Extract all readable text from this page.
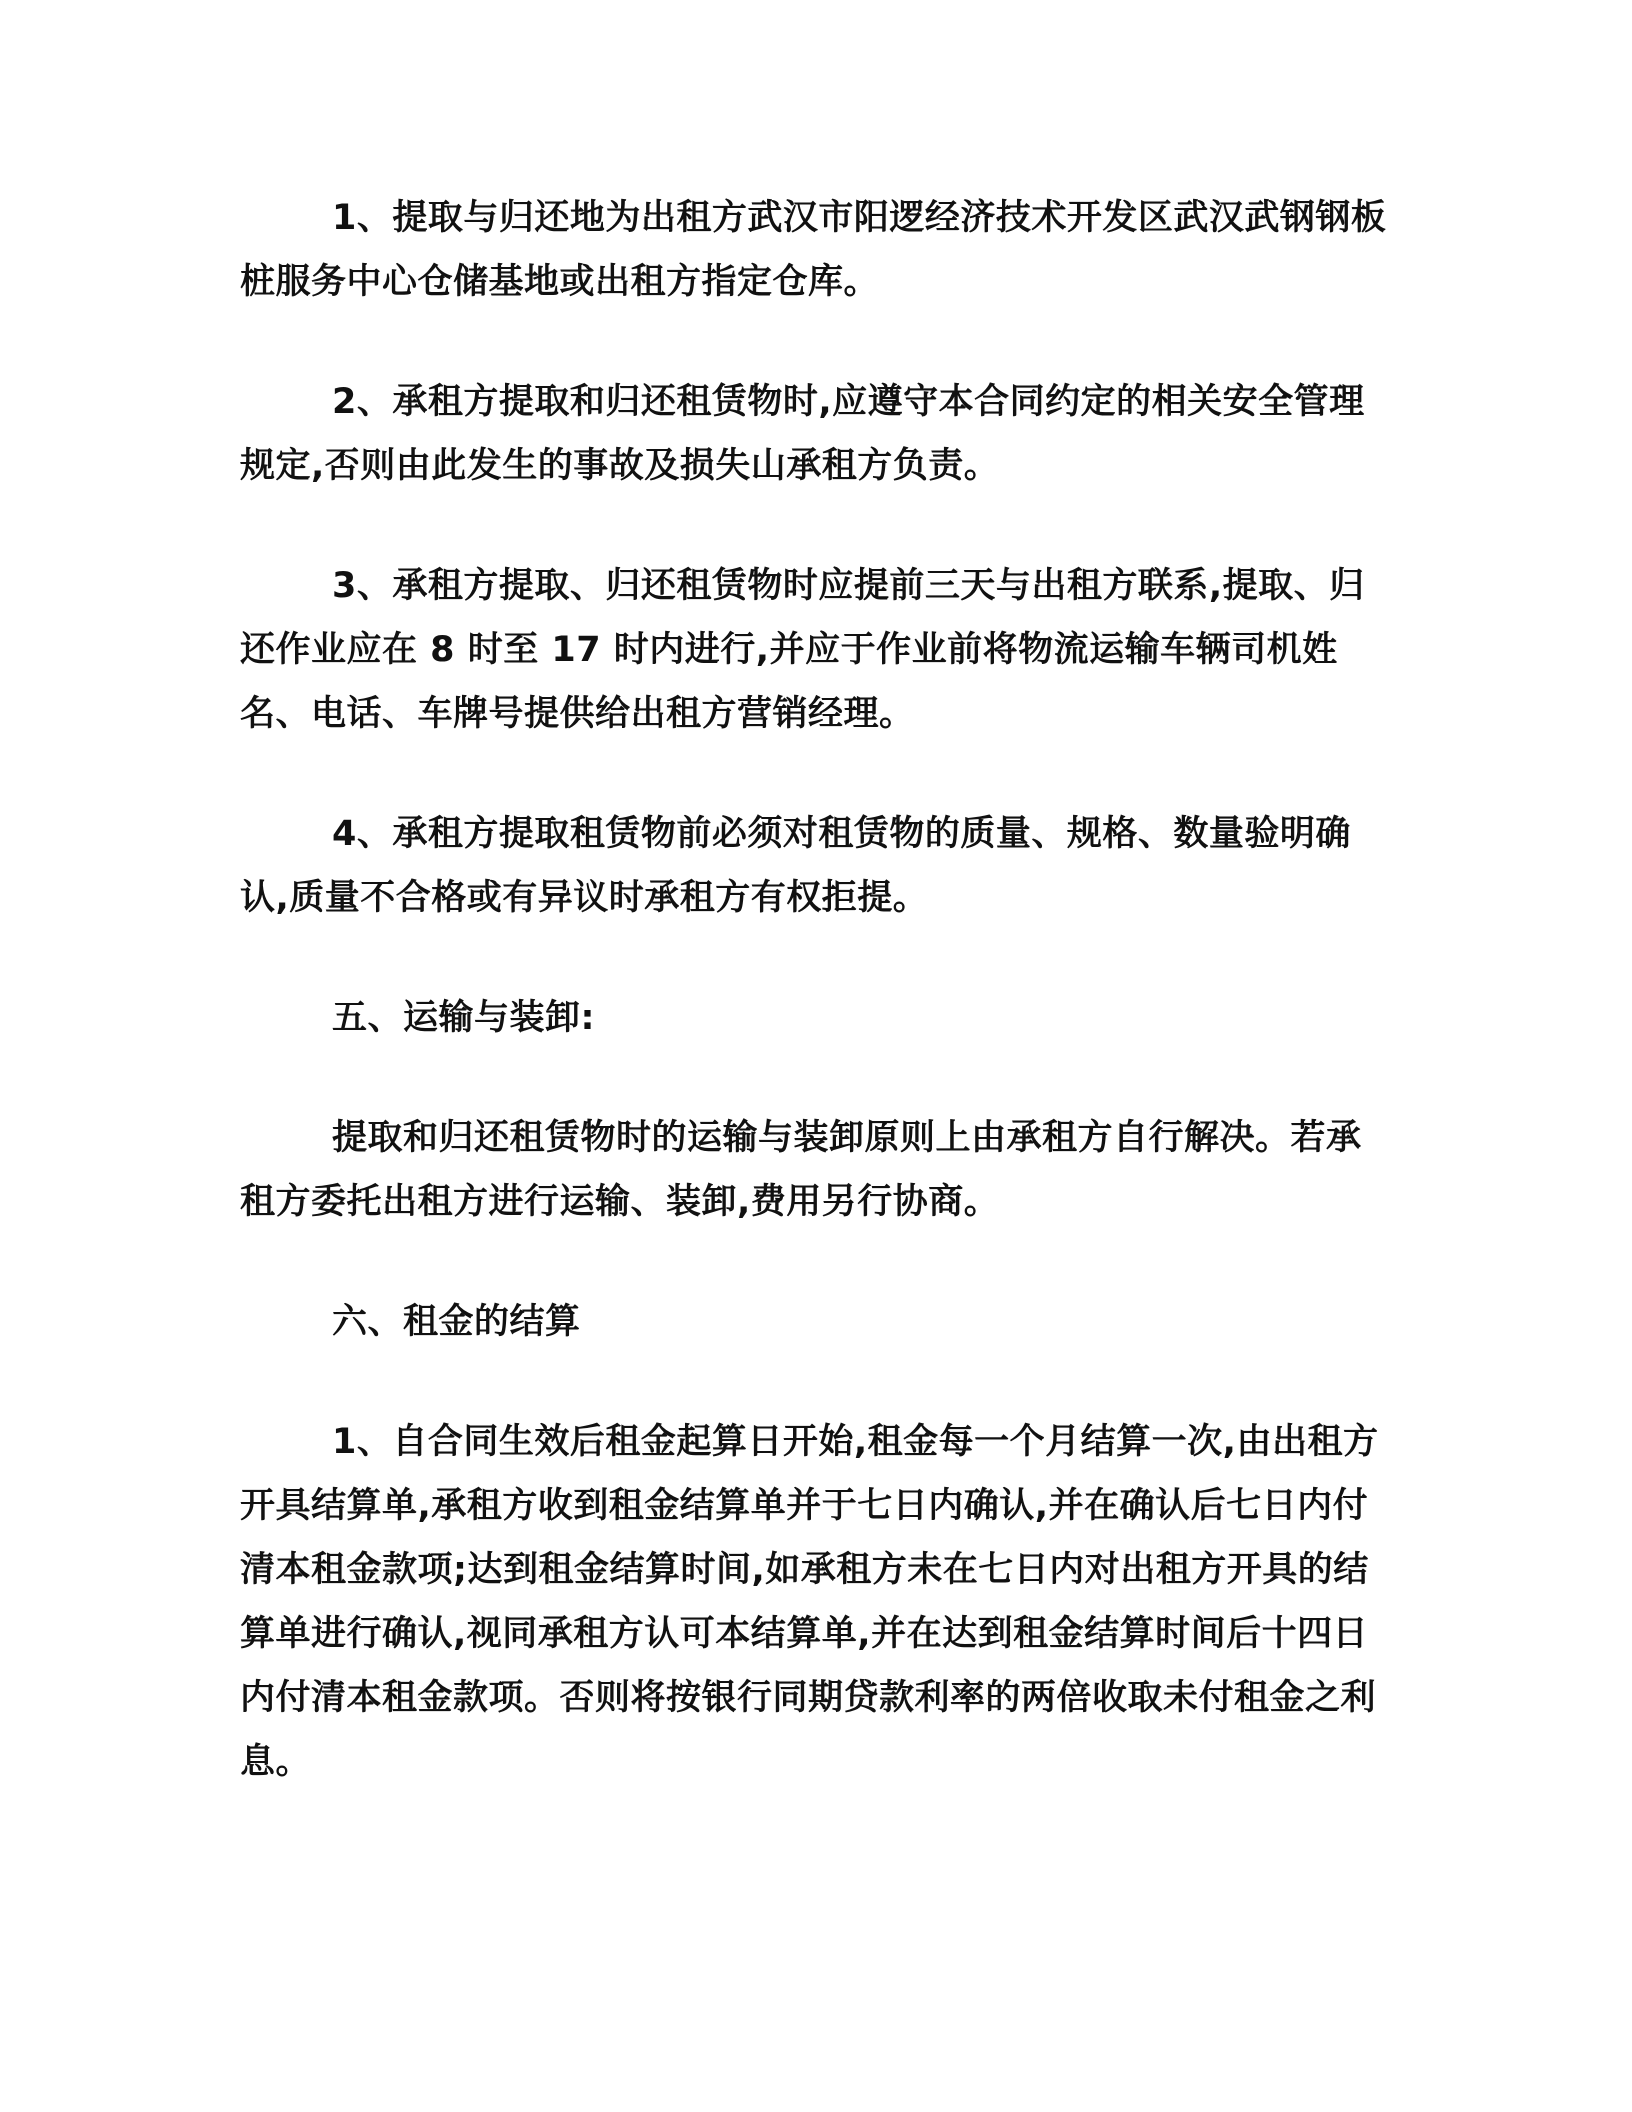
1、提取与归还地为出租方武汉市阳逻经济技术开发区武汉武钢钢板桩服务中心仓储基地或出租方指定仓库。

2、承租方提取和归还租赁物时,应遵守本合同约定的相关安全管理规定,否则由此发生的事故及损失山承租方负责。

3、承租方提取、归还租赁物时应提前三天与出租方联系,提取、归还作业应在 8 时至 17 时内进行,并应于作业前将物流运输车辆司机姓名、电话、车牌号提供给出租方营销经理。

4、承租方提取租赁物前必须对租赁物的质量、规格、数量验明确认,质量不合格或有异议时承租方有权拒提。

五、运输与装卸:

提取和归还租赁物时的运输与装卸原则上由承租方自行解决。若承租方委托出租方进行运输、装卸,费用另行协商。

六、租金的结算

1、自合同生效后租金起算日开始,租金每一个月结算一次,由出租方开具结算单,承租方收到租金结算单并于七日内确认,并在确认后七日内付清本租金款项;达到租金结算时间,如承租方未在七日内对出租方开具的结算单进行确认,视同承租方认可本结算单,并在达到租金结算时间后十四日内付清本租金款项。否则将按银行同期贷款利率的两倍收取未付租金之利息。
